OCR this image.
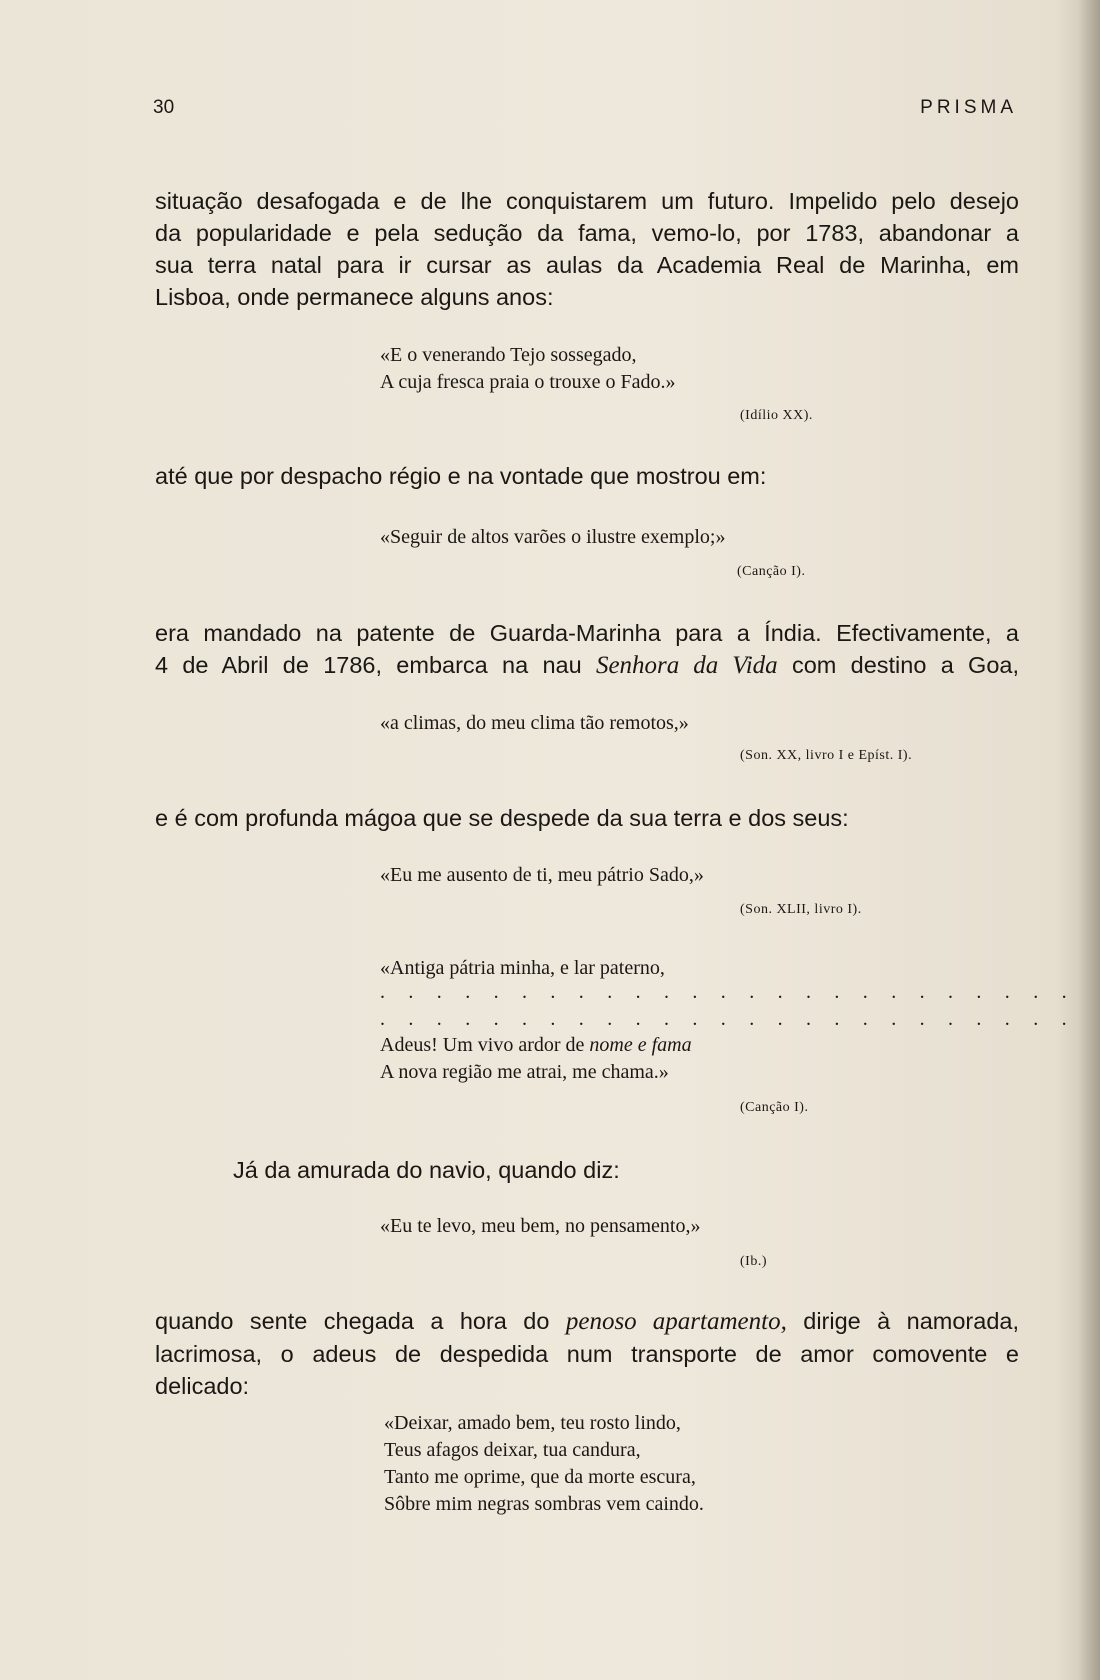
30	PRISMA
situação desafogada e de lhe conquistarem um futuro. Impelido pelo desejo
da popularidade e pela sedução da fama, vemo-lo, por 1783, abandonar a
sua terra natal para ir cursar as aulas da Academia Real de Marinha, em
Lisboa, onde permanece alguns anos:
«E o venerando Tejo sossegado,
A cuja fresca praia o trouxe o Fado.»
(Idílio XX).
até que por despacho régio e na vontade que mostrou em:
«Seguir de altos varões o ilustre exemplo;»
(Canção I).
era mandado na patente de Guarda-Marinha para a Índia. Efectivamente, a
4 de Abril de 1786, embarca na nau Senhora da Vida com destino a Goa,
«a climas, do meu clima tão remotos,»
(Son. XX, livro I e Epíst. I).
e é com profunda mágoa que se despede da sua terra e dos seus:
«Eu me ausento de ti, meu pátrio Sado,»
(Son. XLII, livro I).
«Antiga pátria minha, e lar paterno,
. . . . . . . . . . . . . . . . . . . . . . . . .
. . . . . . . . . . . . . . . . . . . . . . . . .
Adeus! Um vivo ardor de nome e fama
A nova região me atrai, me chama.»
(Canção I).
Já da amurada do navio, quando diz:
«Eu te levo, meu bem, no pensamento,»
(Ib.)
quando sente chegada a hora do penoso apartamento, dirige à namorada,
lacrimosa, o adeus de despedida num transporte de amor comovente e
delicado:
«Deixar, amado bem, teu rosto lindo,
Teus afagos deixar, tua candura,
Tanto me oprime, que da morte escura,
Sôbre mim negras sombras vem caindo.
